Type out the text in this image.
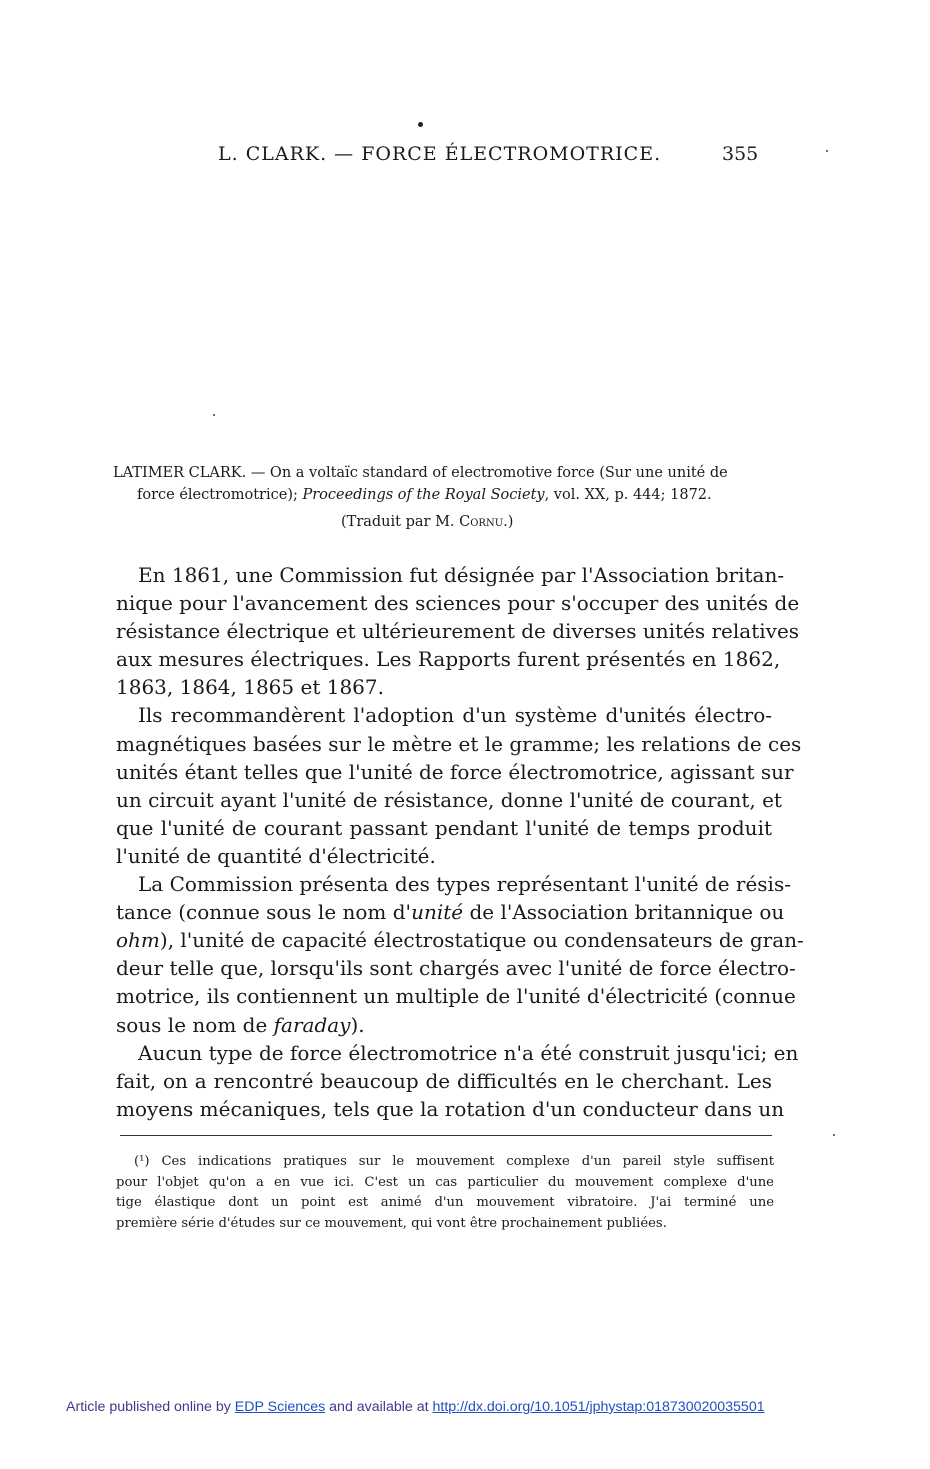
L. CLARK. — FORCE ÉLECTROMOTRICE.	355
LATIMER CLARK. — On a voltaïc standard of electromotive force (Sur une unité de
force électromotrice); Proceedings of the Royal Society, vol. XX, p. 444; 1872.
(Traduit par M. Cornu.)

En 1861, une Commission fut désignée par l'Association britan-
nique pour l'avancement des sciences pour s'occuper des unités de
résistance électrique et ultérieurement de diverses unités relatives
aux mesures électriques. Les Rapports furent présentés en 1862,
1863, 1864, 1865 et 1867.

Ils recommandèrent l'adoption d'un système d'unités électro-
magnétiques basées sur le mètre et le gramme; les relations de ces
unités étant telles que l'unité de force électromotrice, agissant sur
un circuit ayant l'unité de résistance, donne l'unité de courant, et
que l'unité de courant passant pendant l'unité de temps produit
l'unité de quantité d'électricité.

La Commission présenta des types représentant l'unité de résis-
tance (connue sous le nom d'unité de l'Association britannique ou
ohm), l'unité de capacité électrostatique ou condensateurs de gran-
deur telle que, lorsqu'ils sont chargés avec l'unité de force électro-
motrice, ils contiennent un multiple de l'unité d'électricité (connue
sous le nom de faraday).

Aucun type de force électromotrice n'a été construit jusqu'ici; en
fait, on a rencontré beaucoup de difficultés en le cherchant. Les
moyens mécaniques, tels que la rotation d'un conducteur dans un

(¹) Ces indications pratiques sur le mouvement complexe d'un pareil style suffisent
pour l'objet qu'on a en vue ici. C'est un cas particulier du mouvement complexe d'une
tige élastique dont un point est animé d'un mouvement vibratoire. J'ai terminé une
première série d'études sur ce mouvement, qui vont être prochainement publiées.
Article published online by EDP Sciences and available at http://dx.doi.org/10.1051/jphystap:018730020035501
